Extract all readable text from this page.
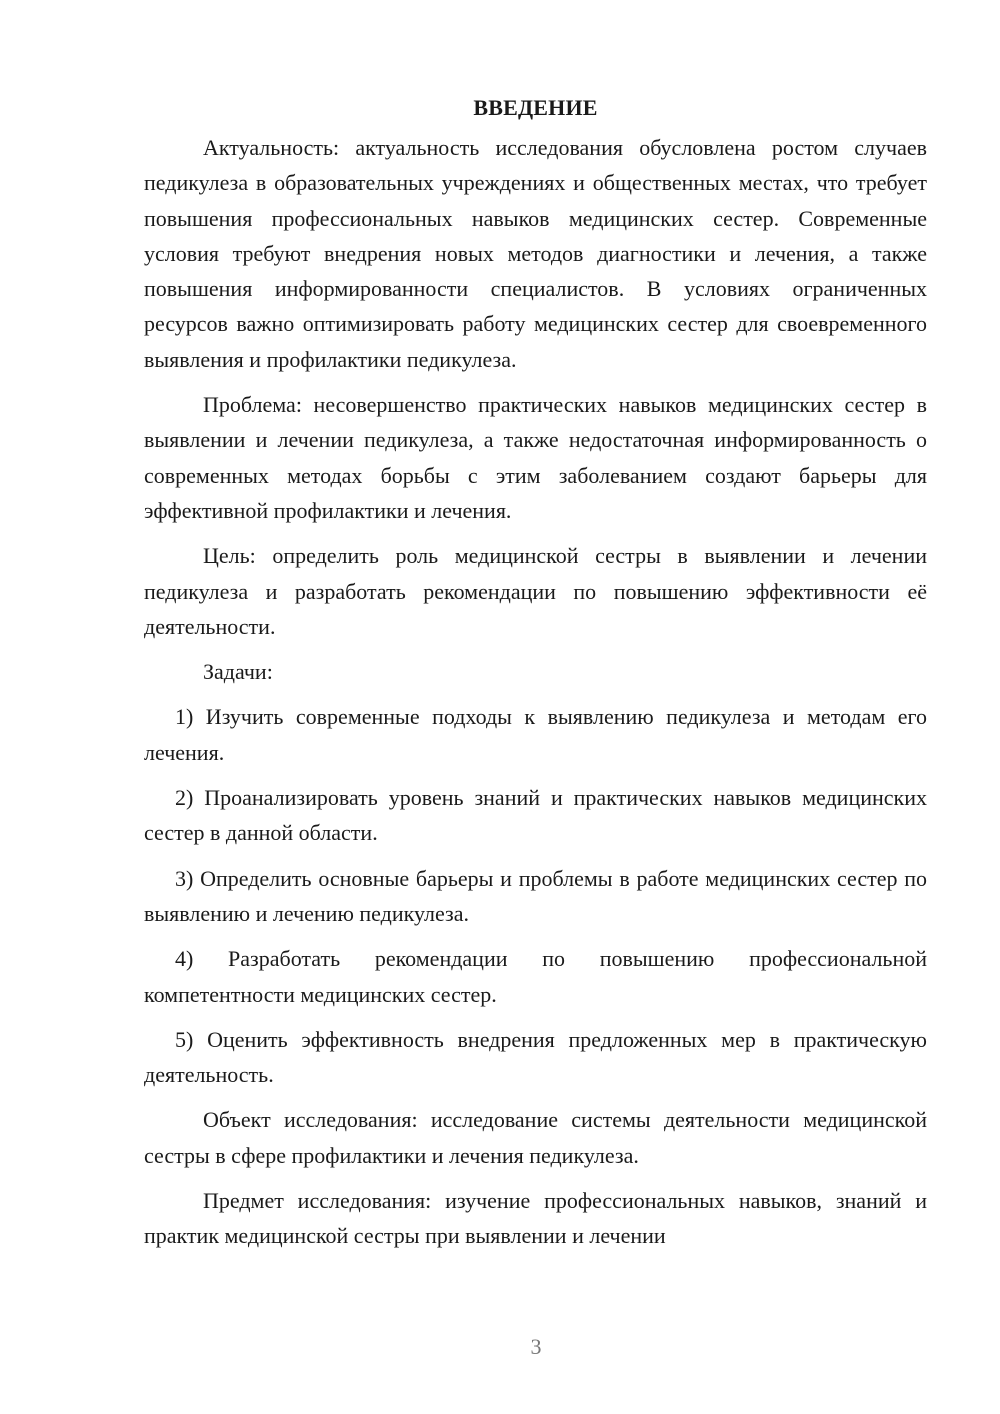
ВВЕДЕНИЕ

Актуальность: актуальность исследования обусловлена ростом случаев педикулеза в образовательных учреждениях и общественных местах, что требует повышения профессиональных навыков медицинских сестер. Современные условия требуют внедрения новых методов диагностики и лечения, а также повышения информированности специалистов. В условиях ограниченных ресурсов важно оптимизировать работу медицинских сестер для своевременного выявления и профилактики педикулеза.

Проблема: несовершенство практических навыков медицинских сестер в выявлении и лечении педикулеза, а также недостаточная информированность о современных методах борьбы с этим заболеванием создают барьеры для эффективной профилактики и лечения.

Цель: определить роль медицинской сестры в выявлении и лечении педикулеза и разработать рекомендации по повышению эффективности её деятельности.

Задачи:

1) Изучить современные подходы к выявлению педикулеза и методам его лечения.

2) Проанализировать уровень знаний и практических навыков медицинских сестер в данной области.

3) Определить основные барьеры и проблемы в работе медицинских сестер по выявлению и лечению педикулеза.

4) Разработать рекомендации по повышению профессиональной компетентности медицинских сестер.

5) Оценить эффективность внедрения предложенных мер в практическую деятельность.

Объект исследования: исследование системы деятельности медицинской сестры в сфере профилактики и лечения педикулеза.

Предмет исследования: изучение профессиональных навыков, знаний и практик медицинской сестры при выявлении и лечении

3
